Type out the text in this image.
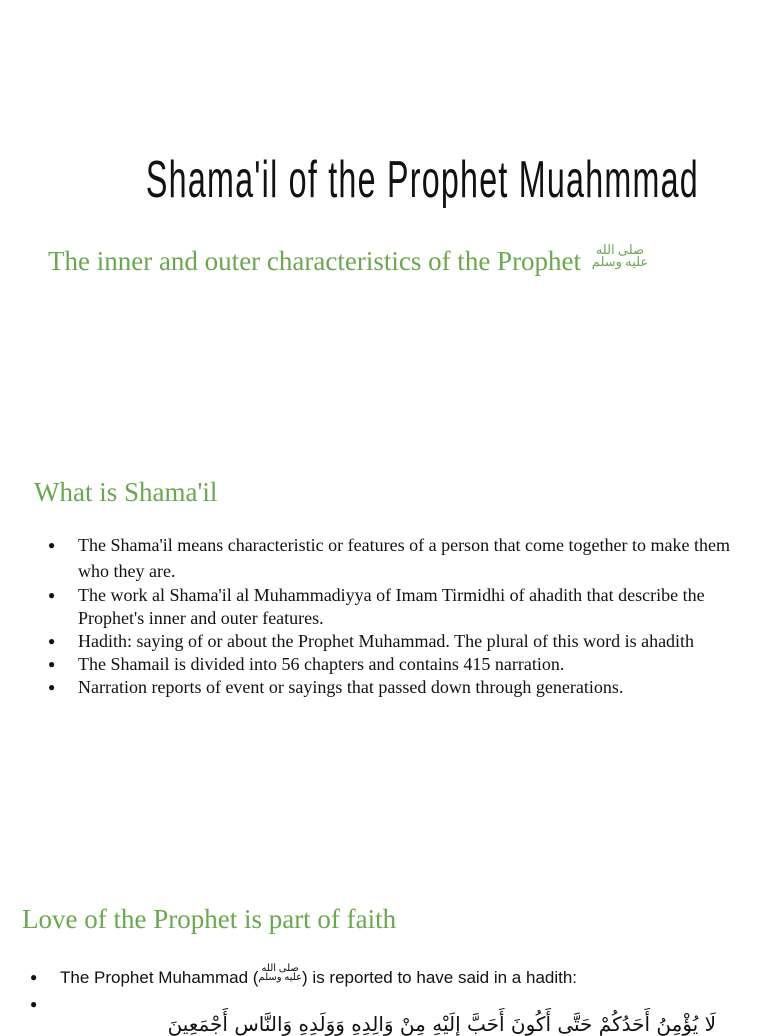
Shama'il of the Prophet Muahmmad
The inner and outer characteristics of the Prophet	صلى الله
عليه وسلم
What is Shama'il
● The Shama'il means characteristic or features of a person that come together to make them who they are.
● The work al Shama'il al Muhammadiyya of Imam Tirmidhi of ahadith that describe the Prophet's inner and outer features.
● Hadith: saying of or about the Prophet Muhammad. The plural of this word is ahadith
● The Shamail is divided into 56 chapters and contains 415 narration.
● Narration reports of event or sayings that passed down through generations.
Love of the Prophet is part of faith
● The Prophet Muhammad ( صلى الله
عليه وسلم ) is reported to have said in a hadith:
●
لَا يُؤْمِنُ أَحَدُكُمْ حَتَّى أَكُونَ أَحَبَّ إِلَيْهِ مِنْ وَالِدِهِ وَوَلَدِهِ وَالنَّاسِ أَجْمَعِينَ
